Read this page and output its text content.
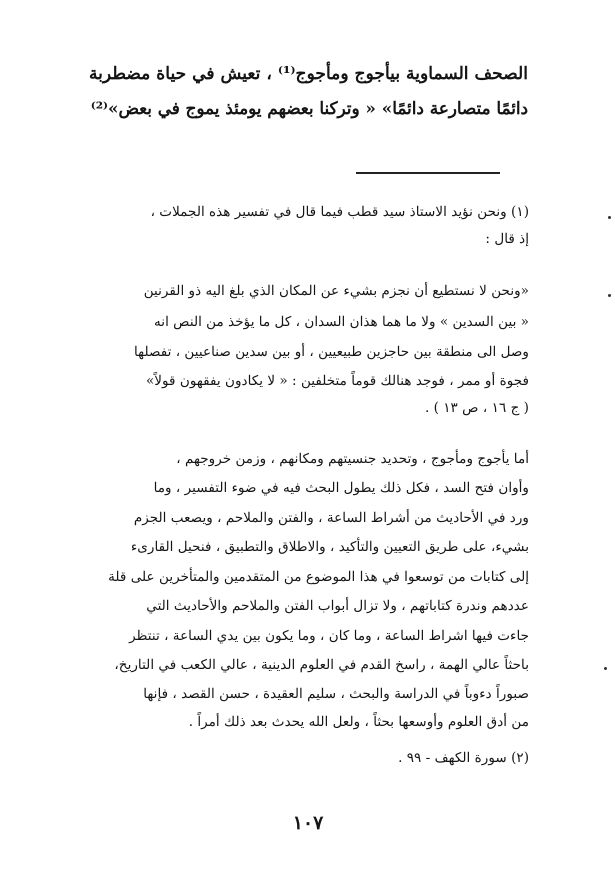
الصحف السماوية بيأجوج ومأجوج⁽¹⁾ ، تعيش في حياة مضطربة
دائمًا متصارعة دائمًا» « وتركنا بعضهم يومئذ يموج في بعض»⁽²⁾
(١) ونحن نؤيد الاستاذ سيد قطب فيما قال في تفسير هذه الجملات ،
إذ قال :
«ونحن لا نستطيع أن نجزم بشيء عن المكان الذي بلغ اليه ذو القرنين
« بين السدين » ولا ما هما هذان السدان ، كل ما يؤخذ من النص انه
وصل الى منطقة بين حاجزين طبيعيين ، أو بين سدين صناعيين ، تفصلها
فجوة أو ممر ، فوجد هنالك قوماً متخلفين : « لا يكادون يفقهون قولاً»
( ج ١٦ ، ص ١٣ ) .
أما يأجوج ومأجوج ، وتحديد جنسيتهم ومكانهم ، وزمن خروجهم ،
وأوان فتح السد ، فكل ذلك يطول البحث فيه في ضوء التفسير ، وما
ورد في الأحاديث من أشراط الساعة ، والفتن والملاحم ، ويصعب الجزم
بشيء، على طريق التعيين والتأكيد ، والاطلاق والتطبيق ، فنحيل القارىء
إلى كتابات من توسعوا في هذا الموضوع من المتقدمين والمتأخرين على قلة
عددهم وندرة كتاباتهم ، ولا تزال أبواب الفتن والملاحم والأحاديث التي
جاءت فيها اشراط الساعة ، وما كان ، وما يكون بين يدي الساعة ، تنتظر
باحثاً عالي الهمة ، راسخ القدم في العلوم الدينية ، عالي الكعب في التاريخ،
صبوراً دءوباً في الدراسة والبحث ، سليم العقيدة ، حسن القصد ، فإنها
من أدق العلوم وأوسعها بحثاً ، ولعل الله يحدث بعد ذلك أمراً .
(٢) سورة الكهف - ٩٩ .
١٠٧
